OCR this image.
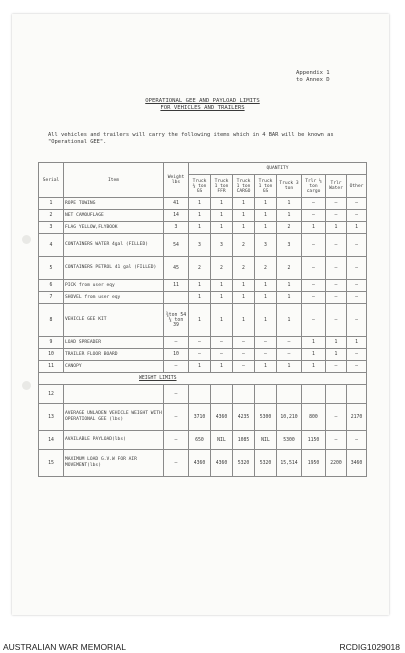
Appendix 1
to Annex D
OPERATIONAL GEE AND PAYLOAD LIMITS
FOR VEHICLES AND TRAILERS
All vehicles and trailers will carry the following items which in 4 BAR will be known as "Operational GEE".
Serial	Item	Weight lbs	QUANTITY							
			Truck ¾ ton GS	Truck 1 ton FFR	Truck 1 ton CARGO	Truck 1 ton GS	Truck 3 ton	Trlr ¼ ton cargo	Trlr Water	Other
1	ROPE TOWING	41	1	1	1	1	1	–	–	–
2	NET CAMOUFLAGE	14	1	1	1	1	1	–	–	–
3	FLAG YELLOW,FLYBOOK	3	1	1	1	1	2	1	1	1
4	CONTAINERS WATER 4gal (FILLED)	54	3	3	2	3	3	–	–	–
5	CONTAINERS PETROL 41 gal (FILLED)	45	2	2	2	2	2	–	–	–
6	PICK from user eqy	11	1	1	1	1	1	–	–	–
7	SHOVEL from user eqy		1	1	1	1	1	–	–	–
8	VEHICLE GEE KIT	¾ton 54 ¼ ton 39	1	1	1	1	1	–	–	–
9	LOAD SPREADER	–	–	–	–	–	–	1	1	1
10	TRAILER FLOOR BOARD	10	–	–	–	–	–	1	1	–
11	CANOPY	–	1	1	–	1	1	1	–	–
WEIGHT LIMITS										
12		–								
13	AVERAGE UNLADEN VEHICLE WEIGHT WITH OPERATIONAL GEE (lbs)	–	3710	4360	4235	5300	10,210	800	–	2170
14	AVAILABLE PAYLOAD(lbs)	–	650	NIL	1085	NIL	5300	1150	–	–
15	MAXIMUM LOAD G.V.W FOR AIR MOVEMENT(lbs)	–	4360	4360	5320	5320	15,514	1950	2200	3460
AUSTRALIAN WAR MEMORIAL	RCDIG1029018
